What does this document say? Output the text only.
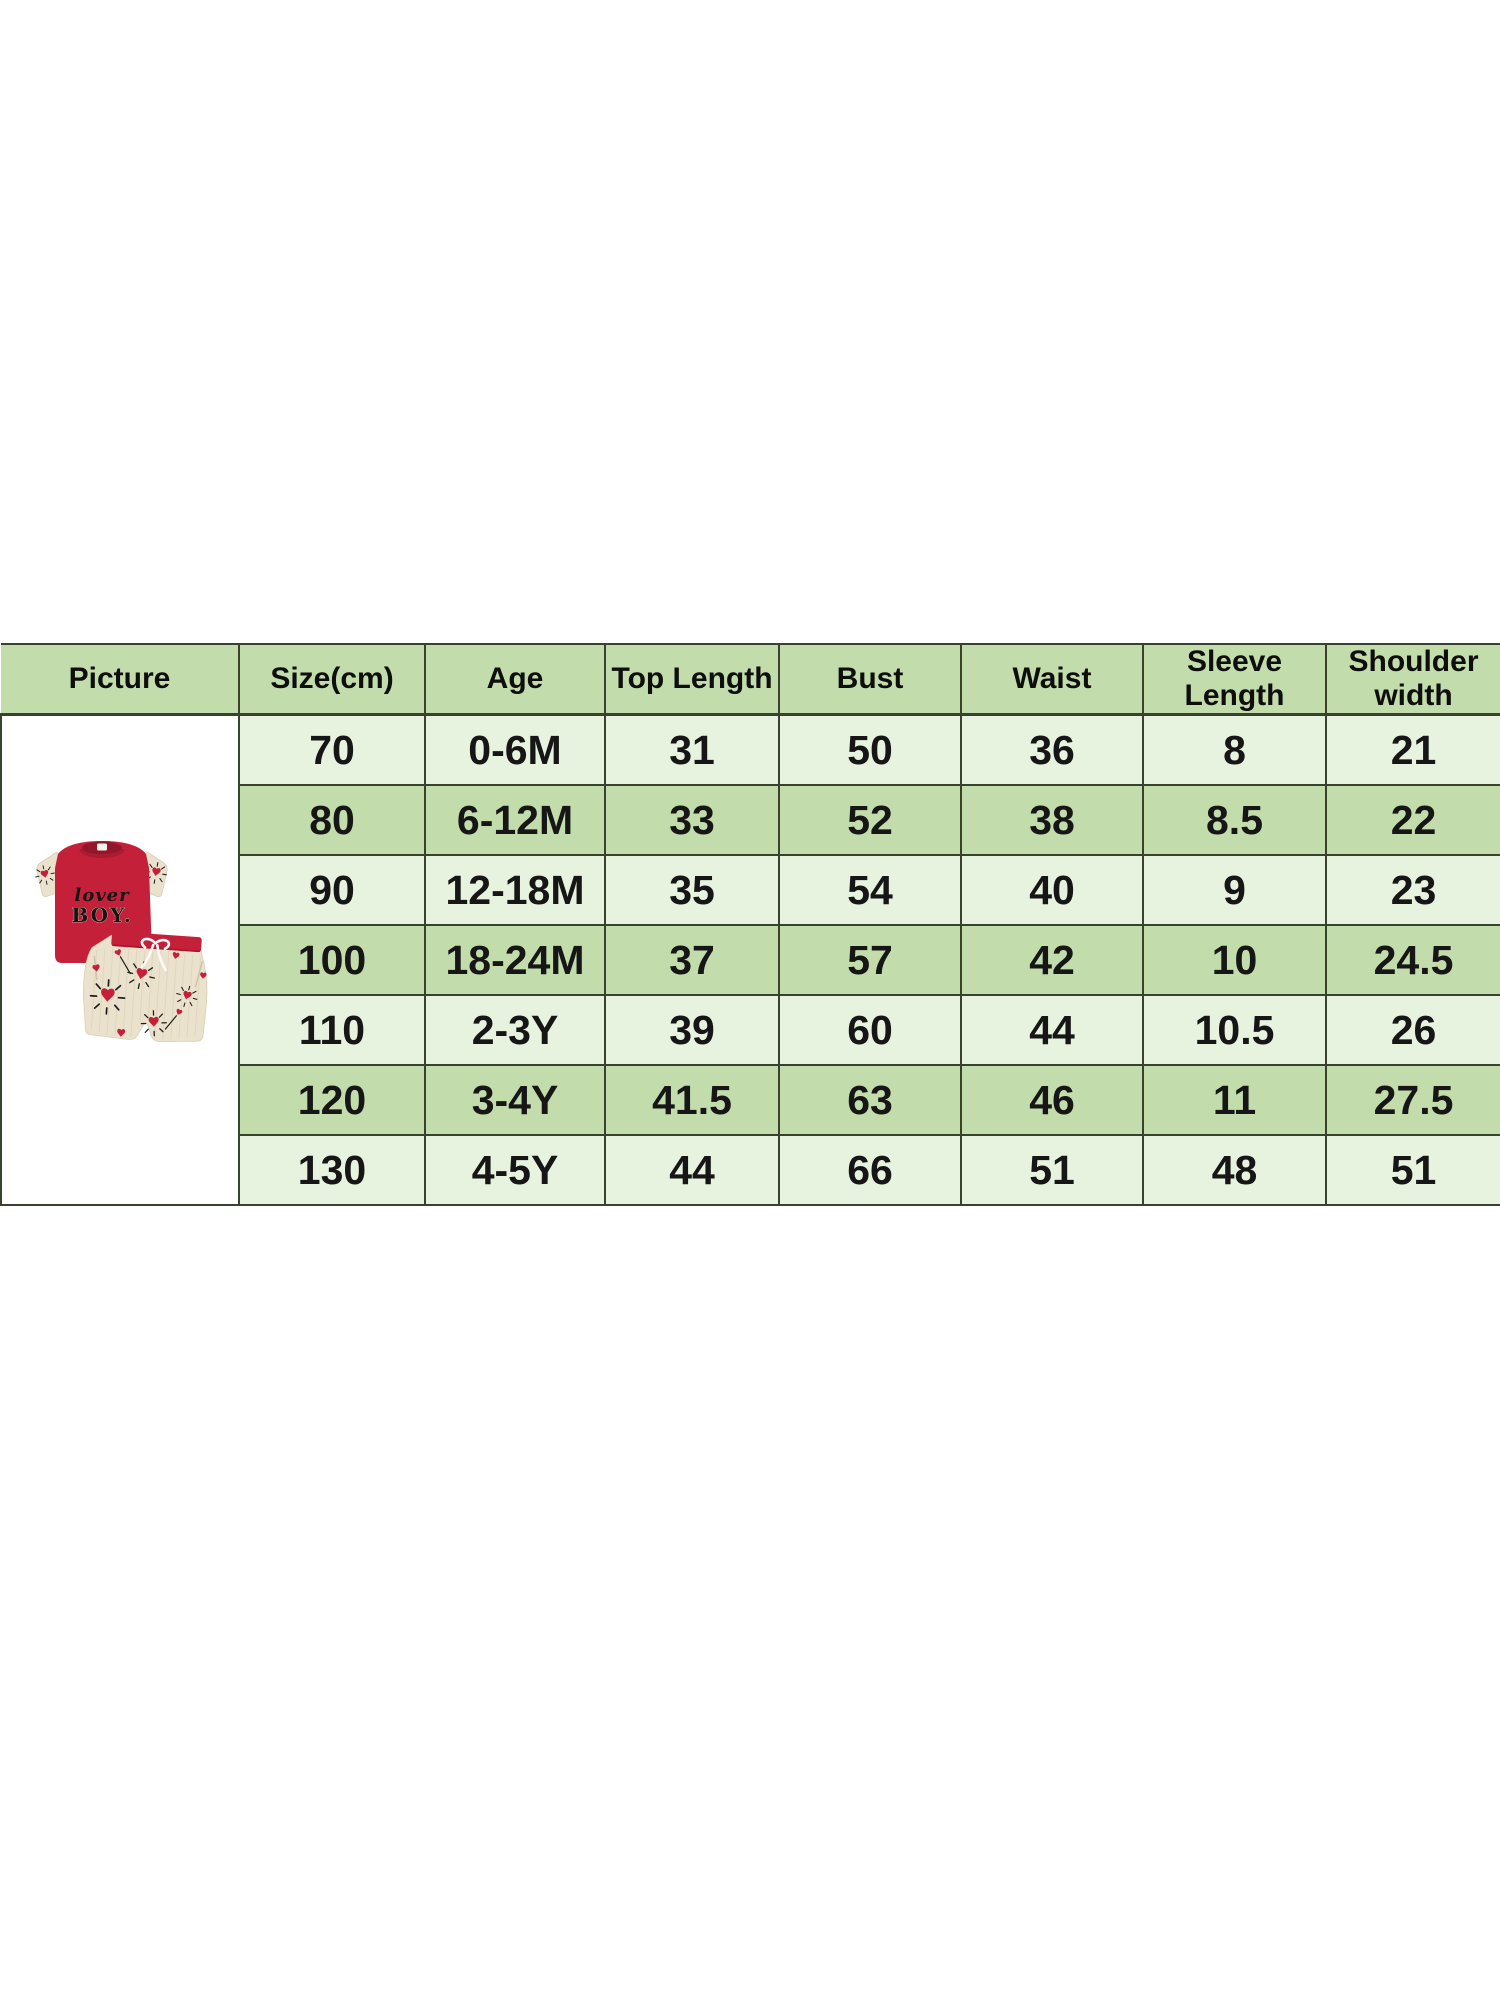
Picture	Size(cm)	Age	Top Length	Bust	Waist	Sleeve Length	Shoulder width
	70	0-6M	31	50	36	8	21
	80	6-12M	33	52	38	8.5	22
	90	12-18M	35	54	40	9	23
	100	18-24M	37	57	42	10	24.5
	110	2-3Y	39	60	44	10.5	26
	120	3-4Y	41.5	63	46	11	27.5
	130	4-5Y	44	66	51	48	51
lover
BOY.
